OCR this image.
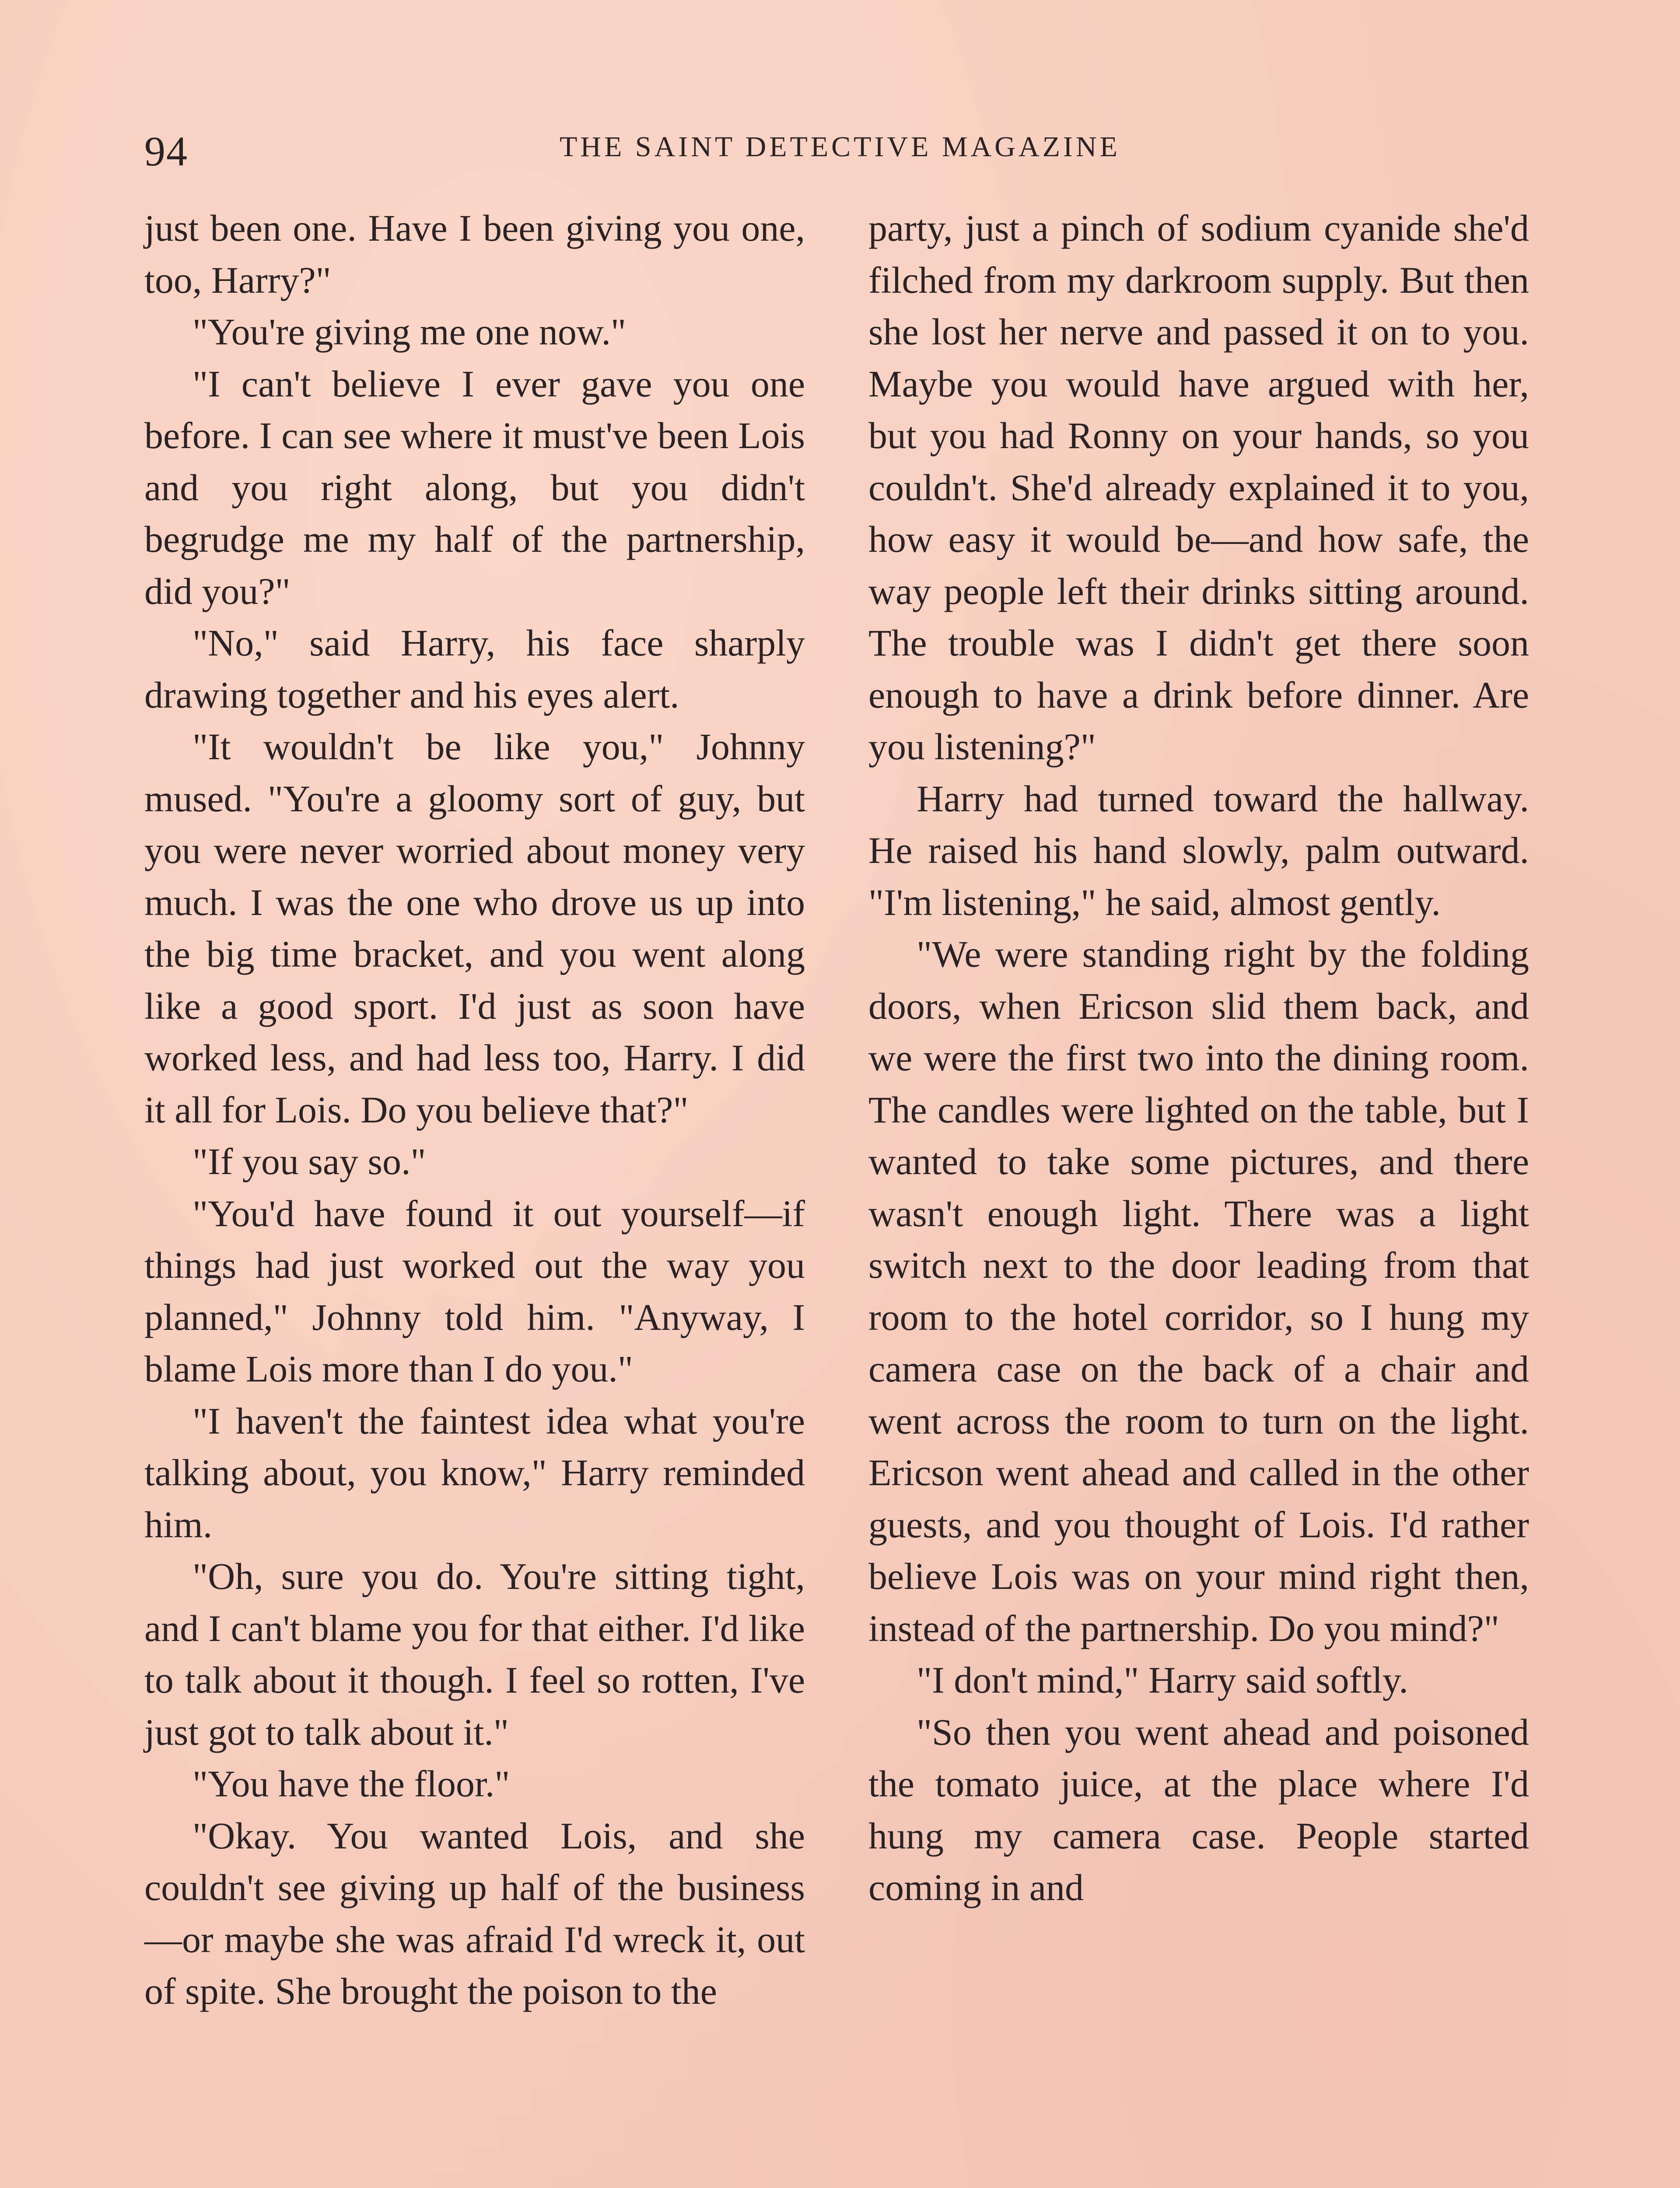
94	THE SAINT DETECTIVE MAGAZINE

just been one. Have I been giving you one, too, Harry?"

"You're giving me one now."

"I can't believe I ever gave you one before. I can see where it must've been Lois and you right along, but you didn't begrudge me my half of the partnership, did you?"

"No," said Harry, his face sharply drawing together and his eyes alert.

"It wouldn't be like you," Johnny mused. "You're a gloomy sort of guy, but you were never worried about money very much. I was the one who drove us up into the big time bracket, and you went along like a good sport. I'd just as soon have worked less, and had less too, Harry. I did it all for Lois. Do you believe that?"

"If you say so."

"You'd have found it out yourself—if things had just worked out the way you planned," Johnny told him. "Anyway, I blame Lois more than I do you."

"I haven't the faintest idea what you're talking about, you know," Harry reminded him.

"Oh, sure you do. You're sitting tight, and I can't blame you for that either. I'd like to talk about it though. I feel so rotten, I've just got to talk about it."

"You have the floor."

"Okay. You wanted Lois, and she couldn't see giving up half of the business—or maybe she was afraid I'd wreck it, out of spite. She brought the poison to the

party, just a pinch of sodium cyanide she'd filched from my darkroom supply. But then she lost her nerve and passed it on to you. Maybe you would have argued with her, but you had Ronny on your hands, so you couldn't. She'd already explained it to you, how easy it would be—and how safe, the way people left their drinks sitting around. The trouble was I didn't get there soon enough to have a drink before dinner. Are you listening?"

Harry had turned toward the hallway. He raised his hand slowly, palm outward. "I'm listening," he said, almost gently.

"We were standing right by the folding doors, when Ericson slid them back, and we were the first two into the dining room. The candles were lighted on the table, but I wanted to take some pictures, and there wasn't enough light. There was a light switch next to the door leading from that room to the hotel corridor, so I hung my camera case on the back of a chair and went across the room to turn on the light. Ericson went ahead and called in the other guests, and you thought of Lois. I'd rather believe Lois was on your mind right then, instead of the partnership. Do you mind?"

"I don't mind," Harry said softly.

"So then you went ahead and poisoned the tomato juice, at the place where I'd hung my camera case. People started coming in and
